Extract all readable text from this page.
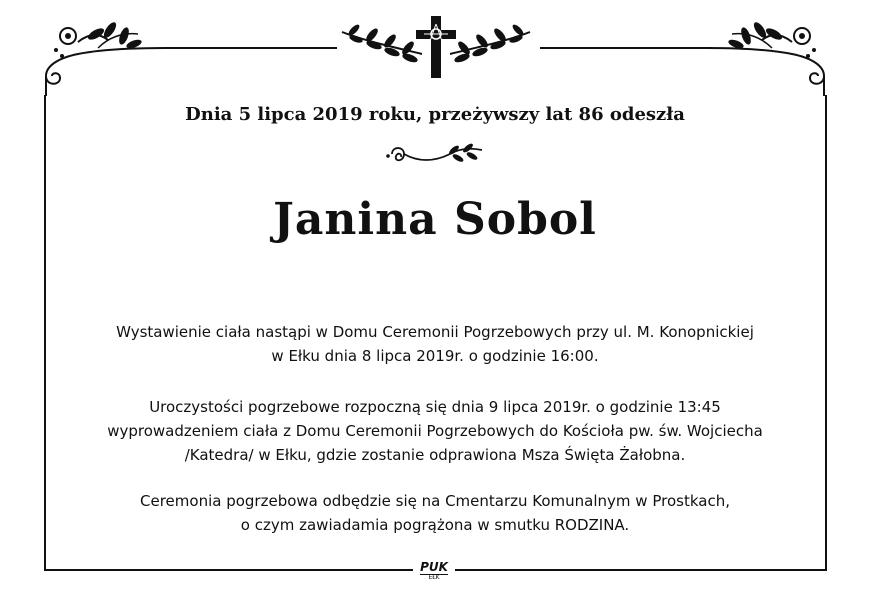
Dnia 5 lipca 2019 roku, przeżywszy lat 86 odeszła
Janina Sobol
Wystawienie ciała nastąpi w Domu Ceremonii Pogrzebowych przy ul. M. Konopnickiej
w Ełku dnia 8 lipca 2019r. o godzinie 16:00.
Uroczystości pogrzebowe rozpoczną się dnia 9 lipca 2019r. o godzinie 13:45
wyprowadzeniem ciała z Domu Ceremonii Pogrzebowych do Kościoła pw. św. Wojciecha
/Katedra/ w Ełku, gdzie zostanie odprawiona Msza Święta Żałobna.
Ceremonia pogrzebowa odbędzie się na Cmentarzu Komunalnym w Prostkach,
o czym zawiadamia pogrążona w smutku RODZINA.
PUK
EŁK
